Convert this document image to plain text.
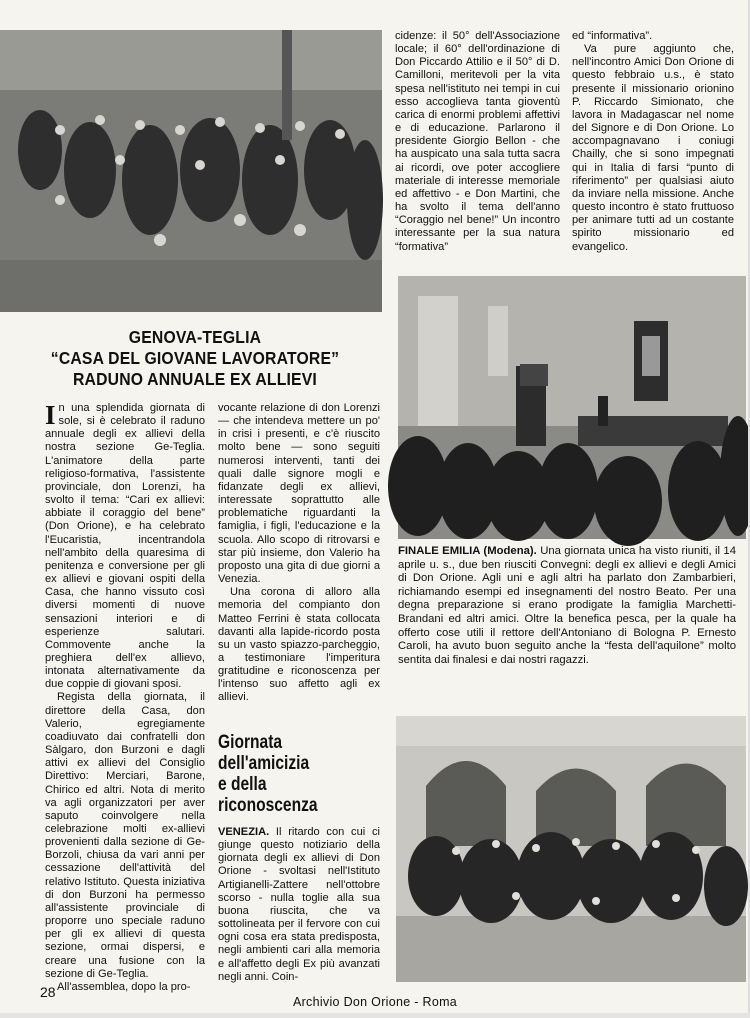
GENOVA-TEGLIA
“CASA DEL GIOVANE LAVORATORE”
RADUNO ANNUALE EX ALLIEVI

In una splendida giornata di sole, si è celebrato il raduno annuale degli ex allievi della nostra sezione Ge-Teglia. L'animatore della parte religioso-formativa, l'assistente provinciale, don Lorenzi, ha svolto il tema: “Cari ex allievi: abbiate il coraggio del bene” (Don Orione), e ha celebrato l'Eucaristia, incentrandola nell'ambito della quaresima di penitenza e conversione per gli ex allievi e giovani ospiti della Casa, che hanno vissuto così diversi momenti di nuove sensazioni interiori e di esperienze salutari. Commovente anche la preghiera dell'ex allievo, intonata alternativamente da due coppie di giovani sposi.

Regista della giornata, il direttore della Casa, don Valerio, egregiamente coadiuvato dai confratelli don Sàlgaro, don Burzoni e dagli attivi ex allievi del Consiglio Direttivo: Merciari, Barone, Chirico ed altri. Nota di merito va agli organizzatori per aver saputo coinvolgere nella celebrazione molti ex-allievi provenienti dalla sezione di Ge-Borzoli, chiusa da vari anni per cessazione dell'attività del relativo Istituto. Questa iniziativa di don Burzoni ha permesso all'assistente provinciale di proporre uno speciale raduno per gli ex allievi di questa sezione, ormai dispersi, e creare una fusione con la sezione di Ge-Teglia.

All'assemblea, dopo la pro-

vocante relazione di don Lorenzi — che intendeva mettere un po' in crisi i presenti, e c'è riuscito molto bene — sono seguiti numerosi interventi, tanti dei quali dalle signore mogli e fidanzate degli ex allievi, interessate soprattutto alle problematiche riguardanti la famiglia, i figli, l'educazione e la scuola. Allo scopo di ritrovarsi e star più insieme, don Valerio ha proposto una gita di due giorni a Venezia.

Una corona di alloro alla memoria del compianto don Matteo Ferrini è stata collocata davanti alla lapide-ricordo posta su un vasto spiazzo-parcheggio, a testimoniare l'imperitura gratitudine e riconoscenza per l'intenso suo affetto agli ex allievi.

Giornata
dell'amicizia
e della
riconoscenza

VENEZIA. Il ritardo con cui ci giunge questo notiziario della giornata degli ex allievi di Don Orione - svoltasi nell'Istituto Artigianelli-Zattere nell'ottobre scorso - nulla toglie alla sua buona riuscita, che va sottolineata per il fervore con cui ogni cosa era stata predisposta, negli ambienti cari alla memoria e all'affetto degli Ex più avanzati negli anni. Coin-

cidenze: il 50° dell'Associazione locale; il 60° dell'ordinazione di Don Piccardo Attilio e il 50° di D. Camilloni, meritevoli per la vita spesa nell'istituto nei tempi in cui esso accoglieva tanta gioventù carica di enormi problemi affettivi e di educazione. Parlarono il presidente Giorgio Bellon - che ha auspicato una sala tutta sacra ai ricordi, ove poter accogliere materiale di interesse memoriale ed affettivo - e Don Martini, che ha svolto il tema dell'anno “Coraggio nel bene!” Un incontro interessante per la sua natura “formativa”

ed “informativa”.

Va pure aggiunto che, nell'incontro Amici Don Orione di questo febbraio u.s., è stato presente il missionario orionino P. Riccardo Simionato, che lavora in Madagascar nel nome del Signore e di Don Orione. Lo accompagnavano i coniugi Chailly, che si sono impegnati qui in Italia di farsi “punto di riferimento” per qualsiasi aiuto da inviare nella missione. Anche questo incontro è stato fruttuoso per animare tutti ad un costante spirito missionario ed evangelico.

FINALE EMILIA (Modena). Una giornata unica ha visto riuniti, il 14 aprile u. s., due ben riusciti Convegni: degli ex allievi e degli Amici di Don Orione. Agli uni e agli altri ha parlato don Zambarbieri, richiamando esempi ed insegnamenti del nostro Beato. Per una degna preparazione si erano prodigate la famiglia Marchetti-Brandani ed altri amici. Oltre la benefica pesca, per la quale ha offerto cose utili il rettore dell'Antoniano di Bologna P. Ernesto Caroli, ha avuto buon seguito anche la “festa dell'aquilone” molto sentita dai finalesi e dai nostri ragazzi.
28
Archivio Don Orione - Roma
